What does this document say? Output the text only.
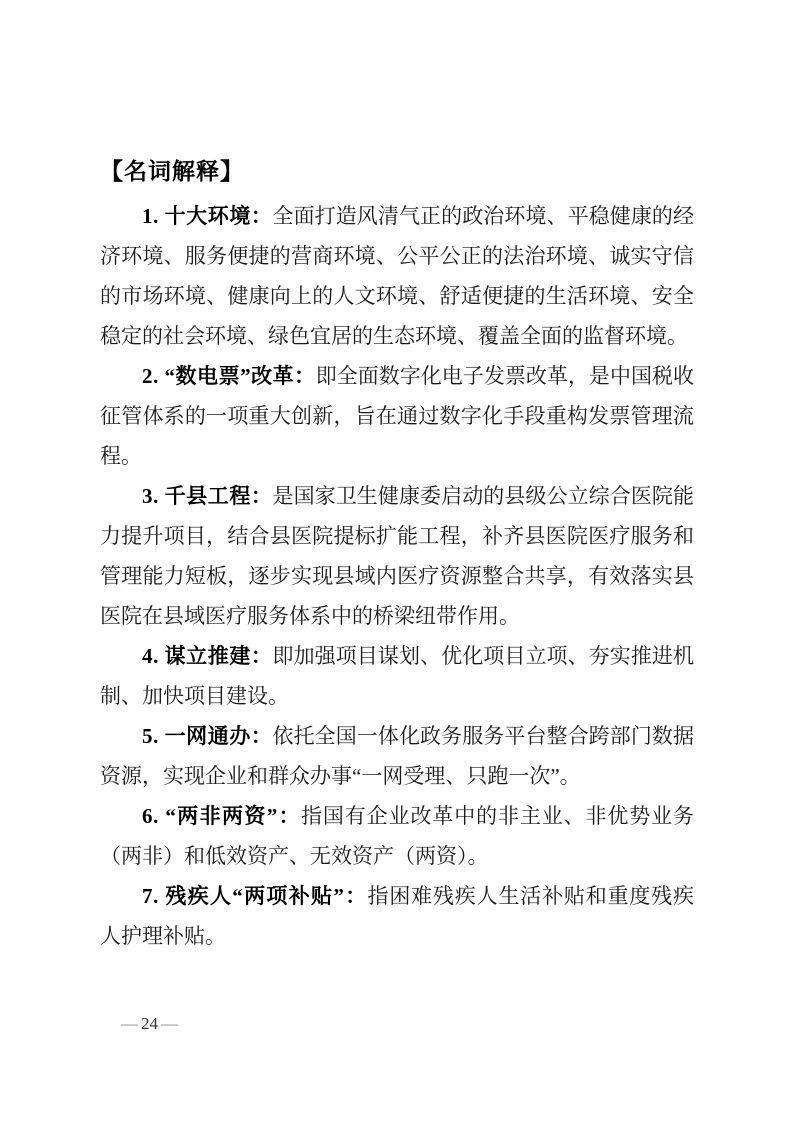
【名词解释】

1. 十大环境：全面打造风清气正的政治环境、平稳健康的经济环境、服务便捷的营商环境、公平公正的法治环境、诚实守信的市场环境、健康向上的人文环境、舒适便捷的生活环境、安全稳定的社会环境、绿色宜居的生态环境、覆盖全面的监督环境。

2. “数电票”改革：即全面数字化电子发票改革，是中国税收征管体系的一项重大创新，旨在通过数字化手段重构发票管理流程。

3. 千县工程：是国家卫生健康委启动的县级公立综合医院能力提升项目，结合县医院提标扩能工程，补齐县医院医疗服务和管理能力短板，逐步实现县域内医疗资源整合共享，有效落实县医院在县域医疗服务体系中的桥梁纽带作用。

4. 谋立推建：即加强项目谋划、优化项目立项、夯实推进机制、加快项目建设。

5. 一网通办：依托全国一体化政务服务平台整合跨部门数据资源，实现企业和群众办事“一网受理、只跑一次”。

6. “两非两资”：指国有企业改革中的非主业、非优势业务（两非）和低效资产、无效资产（两资）。

7. 残疾人“两项补贴”：指困难残疾人生活补贴和重度残疾人护理补贴。

— 24 —
